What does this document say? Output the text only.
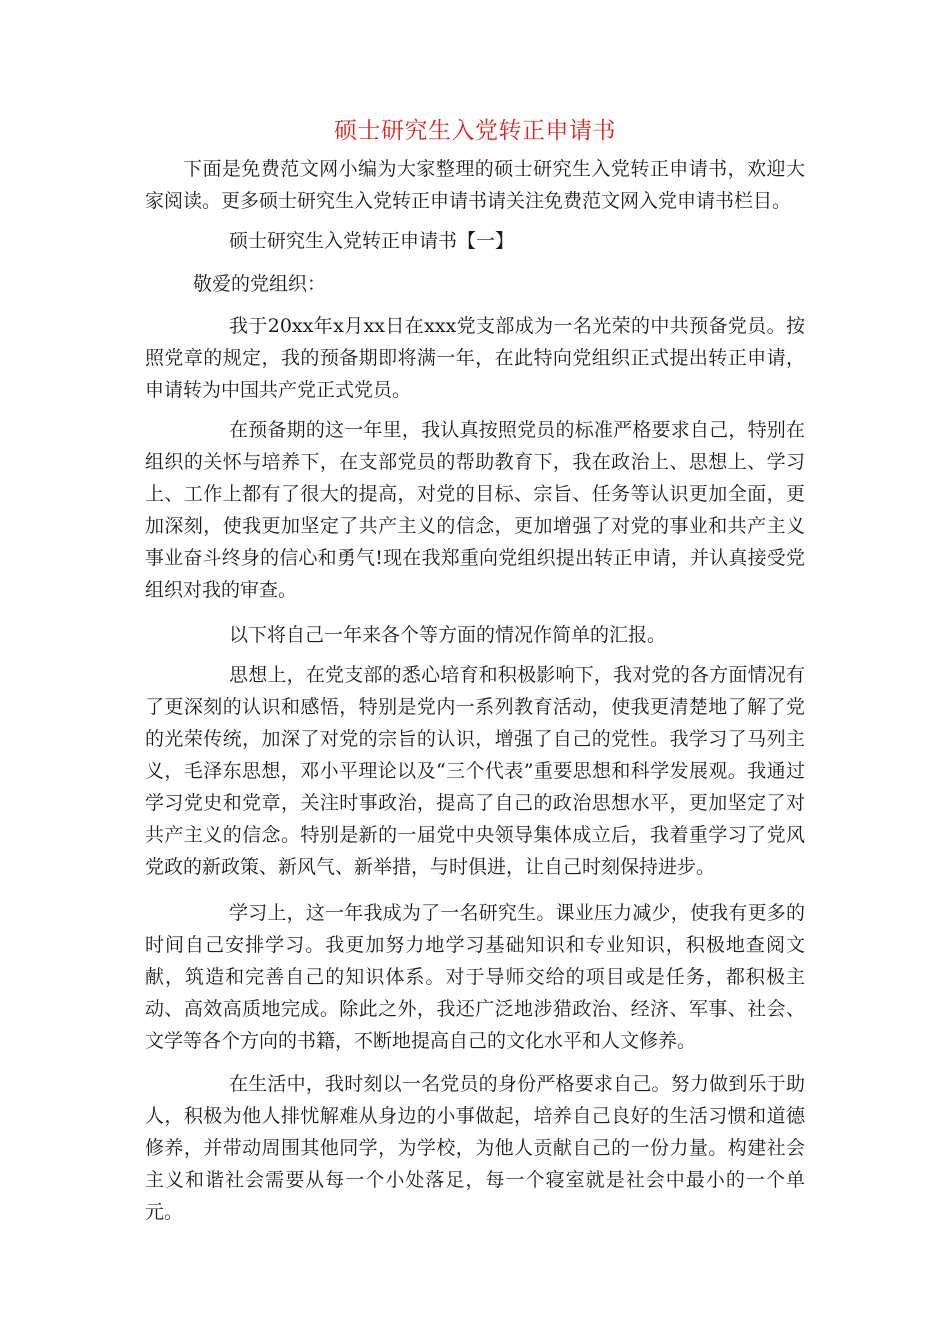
硕士研究生入党转正申请书

下面是免费范文网小编为大家整理的硕士研究生入党转正申请书，欢迎大家阅读。更多硕士研究生入党转正申请书请关注免费范文网入党申请书栏目。

硕士研究生入党转正申请书【一】

敬爱的党组织：

我于20xx年x月xx日在xxx党支部成为一名光荣的中共预备党员。按照党章的规定，我的预备期即将满一年，在此特向党组织正式提出转正申请，申请转为中国共产党正式党员。

在预备期的这一年里，我认真按照党员的标准严格要求自己，特别在组织的关怀与培养下，在支部党员的帮助教育下，我在政治上、思想上、学习上、工作上都有了很大的提高，对党的目标、宗旨、任务等认识更加全面，更加深刻，使我更加坚定了共产主义的信念，更加增强了对党的事业和共产主义事业奋斗终身的信心和勇气!现在我郑重向党组织提出转正申请，并认真接受党组织对我的审查。

以下将自己一年来各个等方面的情况作简单的汇报。

思想上，在党支部的悉心培育和积极影响下，我对党的各方面情况有了更深刻的认识和感悟，特别是党内一系列教育活动，使我更清楚地了解了党的光荣传统，加深了对党的宗旨的认识，增强了自己的党性。我学习了马列主义，毛泽东思想，邓小平理论以及“三个代表”重要思想和科学发展观。我通过学习党史和党章，关注时事政治，提高了自己的政治思想水平，更加坚定了对共产主义的信念。特别是新的一届党中央领导集体成立后，我着重学习了党风党政的新政策、新风气、新举措，与时俱进，让自己时刻保持进步。

学习上，这一年我成为了一名研究生。课业压力减少，使我有更多的时间自己安排学习。我更加努力地学习基础知识和专业知识，积极地查阅文献，筑造和完善自己的知识体系。对于导师交给的项目或是任务，都积极主动、高效高质地完成。除此之外，我还广泛地涉猎政治、经济、军事、社会、文学等各个方向的书籍，不断地提高自己的文化水平和人文修养。

在生活中，我时刻以一名党员的身份严格要求自己。努力做到乐于助人，积极为他人排忧解难从身边的小事做起，培养自己良好的生活习惯和道德修养，并带动周围其他同学，为学校，为他人贡献自己的一份力量。构建社会主义和谐社会需要从每一个小处落足，每一个寝室就是社会中最小的一个单元。
